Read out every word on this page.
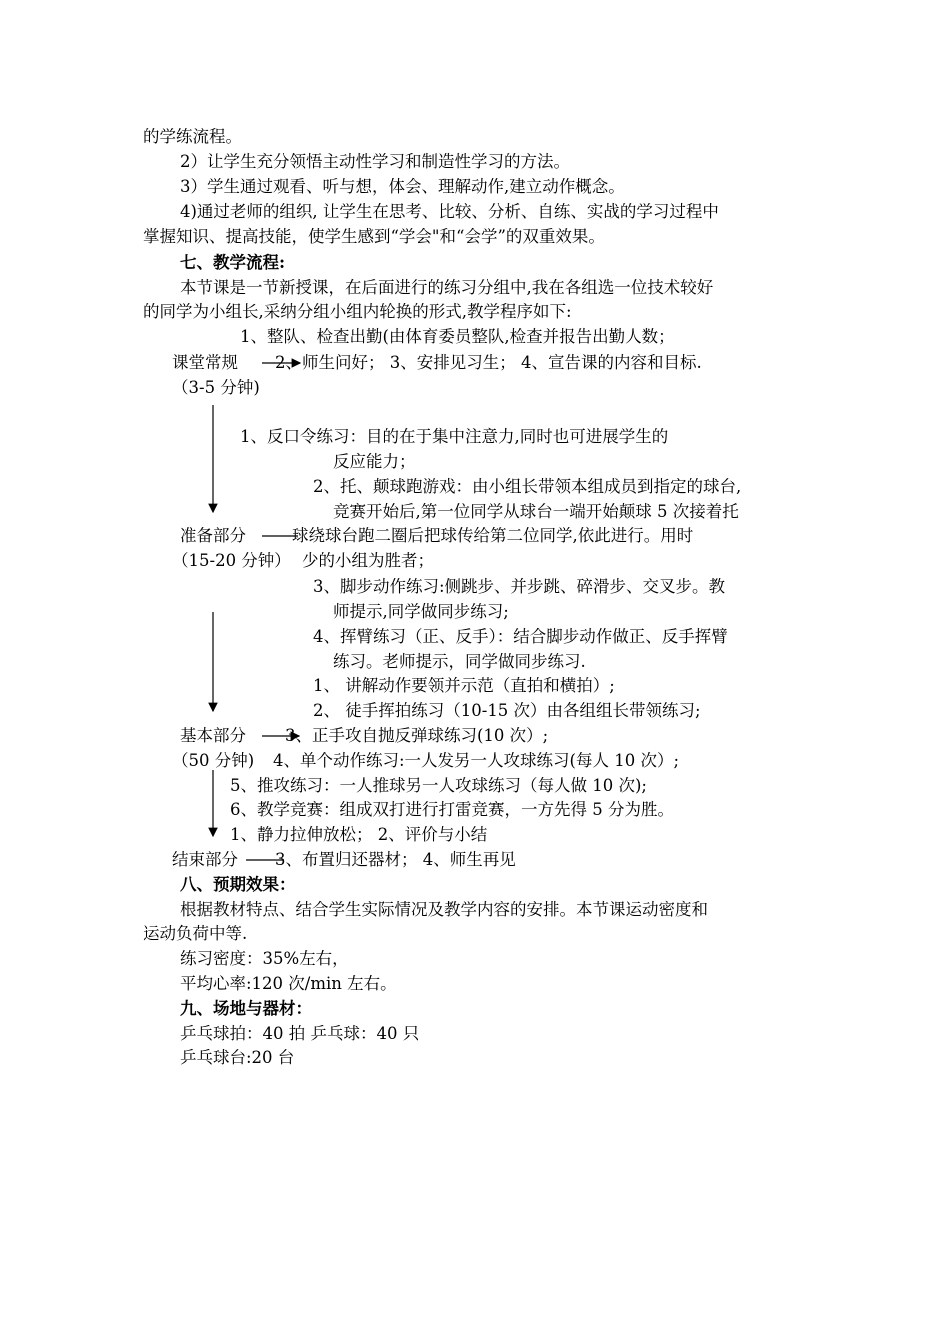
的学练流程。
2）让学生充分领悟主动性学习和制造性学习的方法。
3）学生通过观看、听与想，体会、理解动作,建立动作概念。
4)通过老师的组织, 让学生在思考、比较、分析、自练、实战的学习过程中
掌握知识、提高技能，使学生感到“学会"和“会学”的双重效果。
七、教学流程:
本节课是一节新授课，在后面进行的练习分组中,我在各组选一位技术较好
的同学为小组长,采纳分组小组内轮换的形式,教学程序如下:
1、整队、检查出勤(由体育委员整队,检查并报告出勤人数；
课堂常规 2、师生问好； 3、安排见习生； 4、宣告课的内容和目标.
（3-5 分钟)
1、反口令练习：目的在于集中注意力,同时也可进展学生的
反应能力；
2、托、颠球跑游戏：由小组长带领本组成员到指定的球台,
竞赛开始后,第一位同学从球台一端开始颠球 5 次接着托
准备部分	球绕球台跑二圈后把球传给第二位同学,依此进行。用时
（15-20 分钟） 少的小组为胜者；
3、脚步动作练习:侧跳步、并步跳、碎滑步、交叉步。教
师提示,同学做同步练习;
4、挥臂练习（正、反手）：结合脚步动作做正、反手挥臂
练习。老师提示，同学做同步练习.
1、 讲解动作要领并示范（直拍和横拍）;
2、 徒手挥拍练习（10-15 次）由各组组长带领练习;
基本部分 3、正手攻自抛反弹球练习(10 次）;
（50 分钟) 4、单个动作练习:一人发另一人攻球练习(每人 10 次）;
5、推攻练习：一人推球另一人攻球练习（每人做 10 次);
6、教学竞赛：组成双打进行打雷竞赛，一方先得 5 分为胜。
1、静力拉伸放松； 2、评价与小结
结束部分 3、布置归还器材； 4、师生再见
八、预期效果：
根据教材特点、结合学生实际情况及教学内容的安排。本节课运动密度和
运动负荷中等.
练习密度：35%左右，
平均心率:120 次/min 左右。
九、场地与器材：
乒乓球拍：40 拍 乒乓球：40 只
乒乓球台:20 台
